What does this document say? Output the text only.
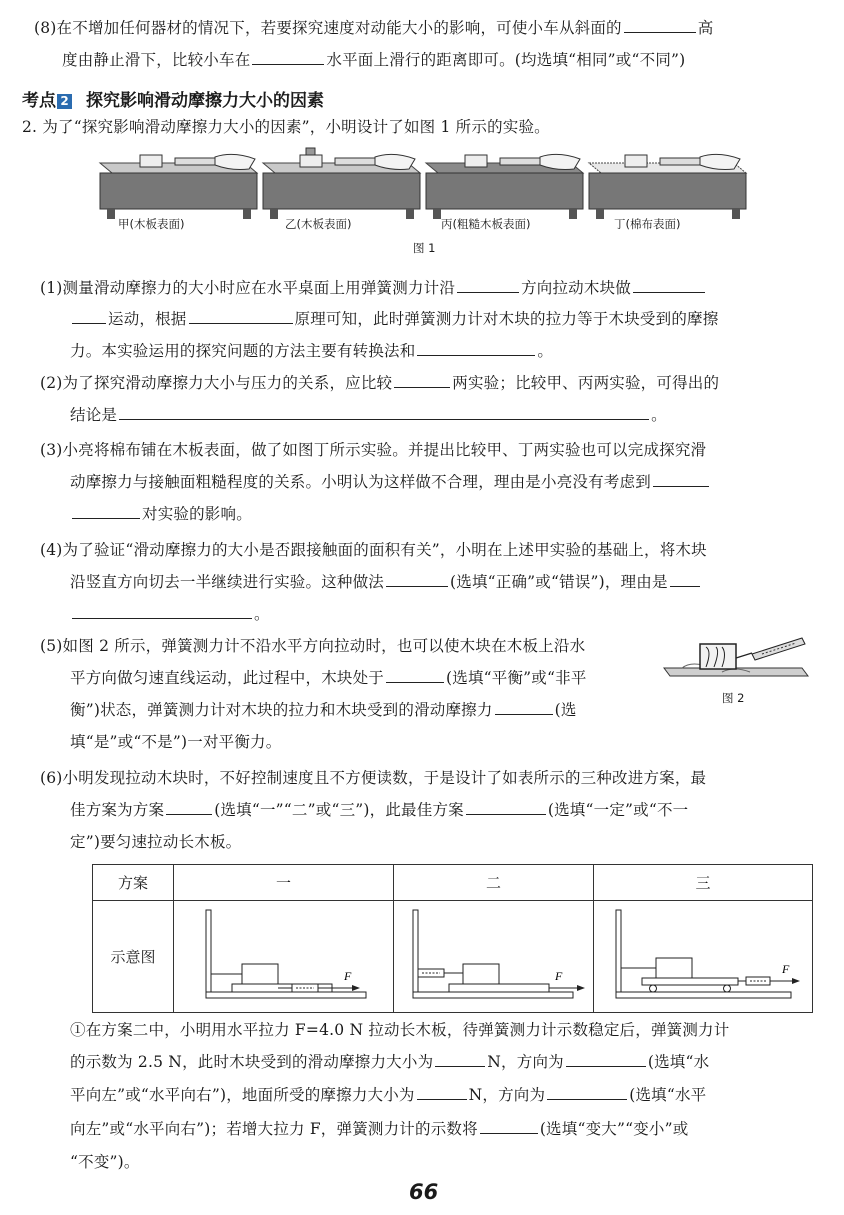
(8)在不增加任何器材的情况下，若要探究速度对动能大小的影响，可使小车从斜面的	高
度由静止滑下，比较小车在	水平面上滑行的距离即可。(均选填“相同”或“不同”)
考点 2 探究影响滑动摩擦力大小的因素
2. 为了“探究影响滑动摩擦力大小的因素”，小明设计了如图 1 所示的实验。
甲(木板表面)	乙(木板表面)	丙(粗糙木板表面)	丁(棉布表面)
图 1
(1)测量滑动摩擦力的大小时应在水平桌面上用弹簧测力计沿	方向拉动木块做
运动，根据	原理可知，此时弹簧测力计对木块的拉力等于木块受到的摩擦
力。本实验运用的探究问题的方法主要有转换法和	。
(2)为了探究滑动摩擦力大小与压力的关系，应比较	两实验；比较甲、丙两实验，可得出的
结论是	。
(3)小亮将棉布铺在木板表面，做了如图丁所示实验。并提出比较甲、丁两实验也可以完成探究滑
动摩擦力与接触面粗糙程度的关系。小明认为这样做不合理，理由是小亮没有考虑到
对实验的影响。
(4)为了验证“滑动摩擦力的大小是否跟接触面的面积有关”，小明在上述甲实验的基础上，将木块
沿竖直方向切去一半继续进行实验。这种做法	(选填“正确”或“错误”)，理由是
。
(5)如图 2 所示，弹簧测力计不沿水平方向拉动时，也可以使木块在木板上沿水
平方向做匀速直线运动，此过程中，木块处于	(选填“平衡”或“非平
衡”)状态，弹簧测力计对木块的拉力和木块受到的滑动摩擦力	(选
填“是”或“不是”)一对平衡力。
图 2
(6)小明发现拉动木块时，不好控制速度且不方便读数，于是设计了如表所示的三种改进方案，最
佳方案为方案	(选填“一”“二”或“三”)，此最佳方案	(选填“一定”或“不一
定”)要匀速拉动长木板。
方案	一	二	三
示意图	F	F	F
①在方案二中，小明用水平拉力 F=4.0 N 拉动长木板，待弹簧测力计示数稳定后，弹簧测力计
的示数为 2.5 N，此时木块受到的滑动摩擦力大小为	N，方向为	(选填“水
平向左”或“水平向右”)，地面所受的摩擦力大小为	N，方向为	(选填“水平
向左”或“水平向右”)；若增大拉力 F，弹簧测力计的示数将	(选填“变大”“变小”或
“不变”)。
66
